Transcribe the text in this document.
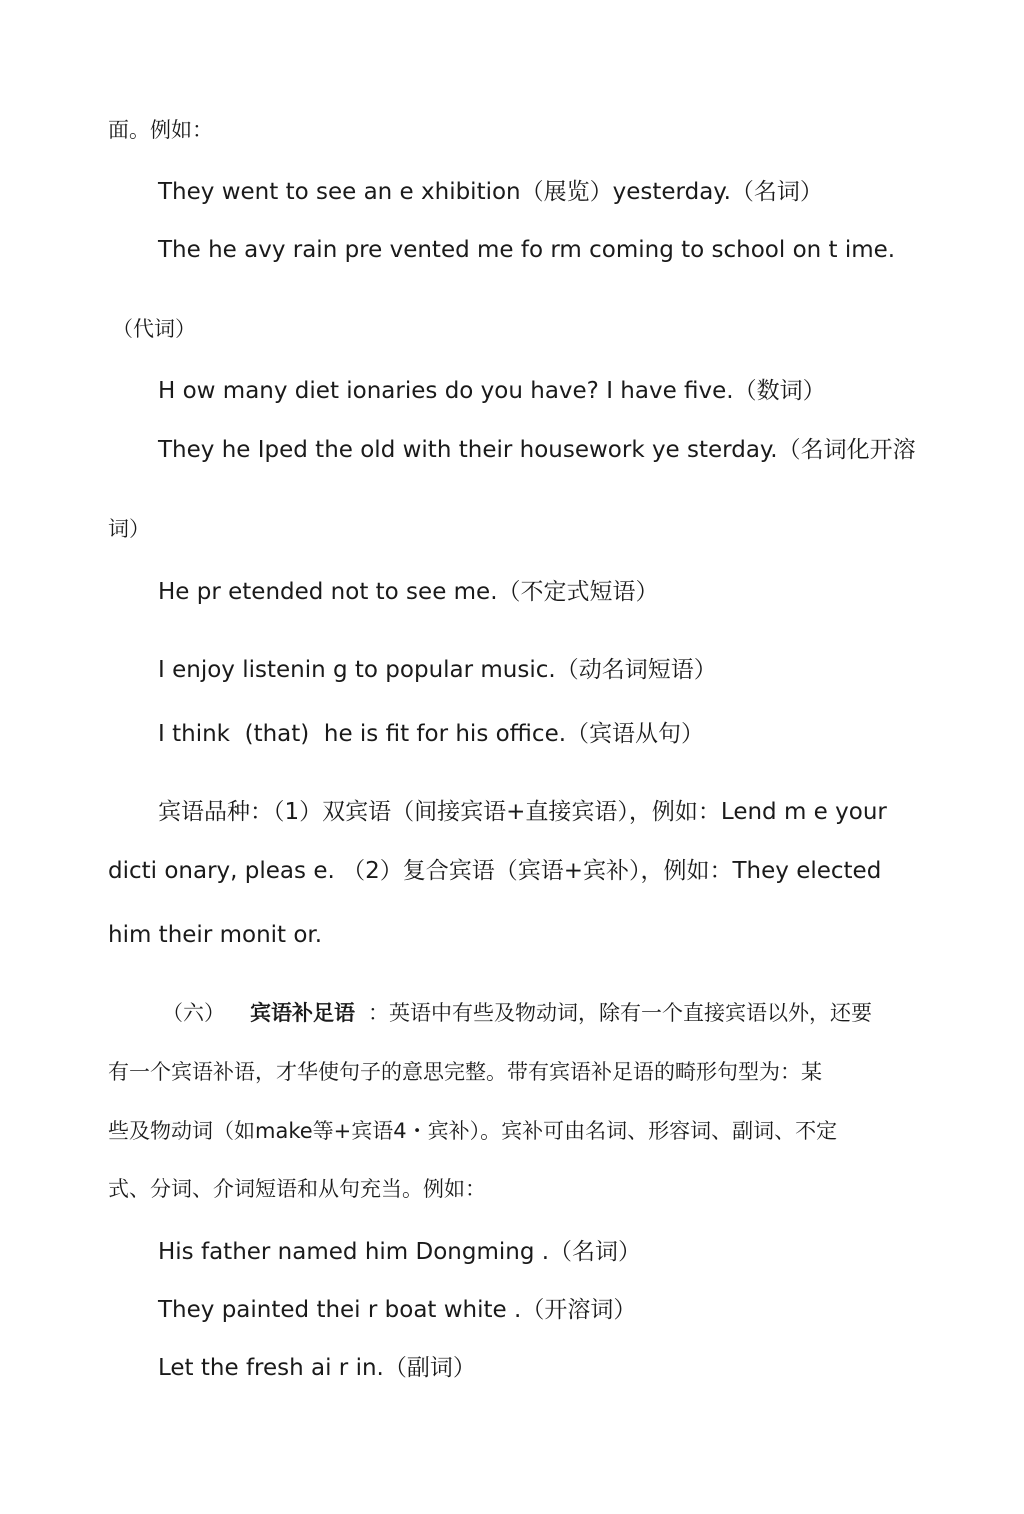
面。例如：
They went to see an e xhibition（展览）yesterday.（名词）
The he avy rain pre vented me fo rm coming to school on t ime.
（代词）
H ow many diet ionaries do you have? I have five.（数词）
They he Iped the old with their housework ye sterday.（名词化开溶
词）
He pr etended not to see me.（不定式短语）
I enjoy listenin g to popular music.（动名词短语）
I think  (that)  he is fit for his office.（宾语从句）
宾语品种：（1）双宾语（间接宾语+直接宾语），例如：Lend m e your
dicti onary, pleas e. （2）复合宾语（宾语+宾补），例如：They elected
him their monit or.
（六） 宾语补足语 ：英语中有些及物动词，除有一个直接宾语以外，还要
有一个宾语补语，才华使句子的意思完整。带有宾语补足语的畸形句型为：某
些及物动词（如make等+宾语4・宾补）。宾补可由名词、形容词、副词、不定
式、分词、介词短语和从句充当。例如：
His father named him Dongming .（名词）
They painted thei r boat white .（开溶词）
Let the fresh ai r in.（副词）
